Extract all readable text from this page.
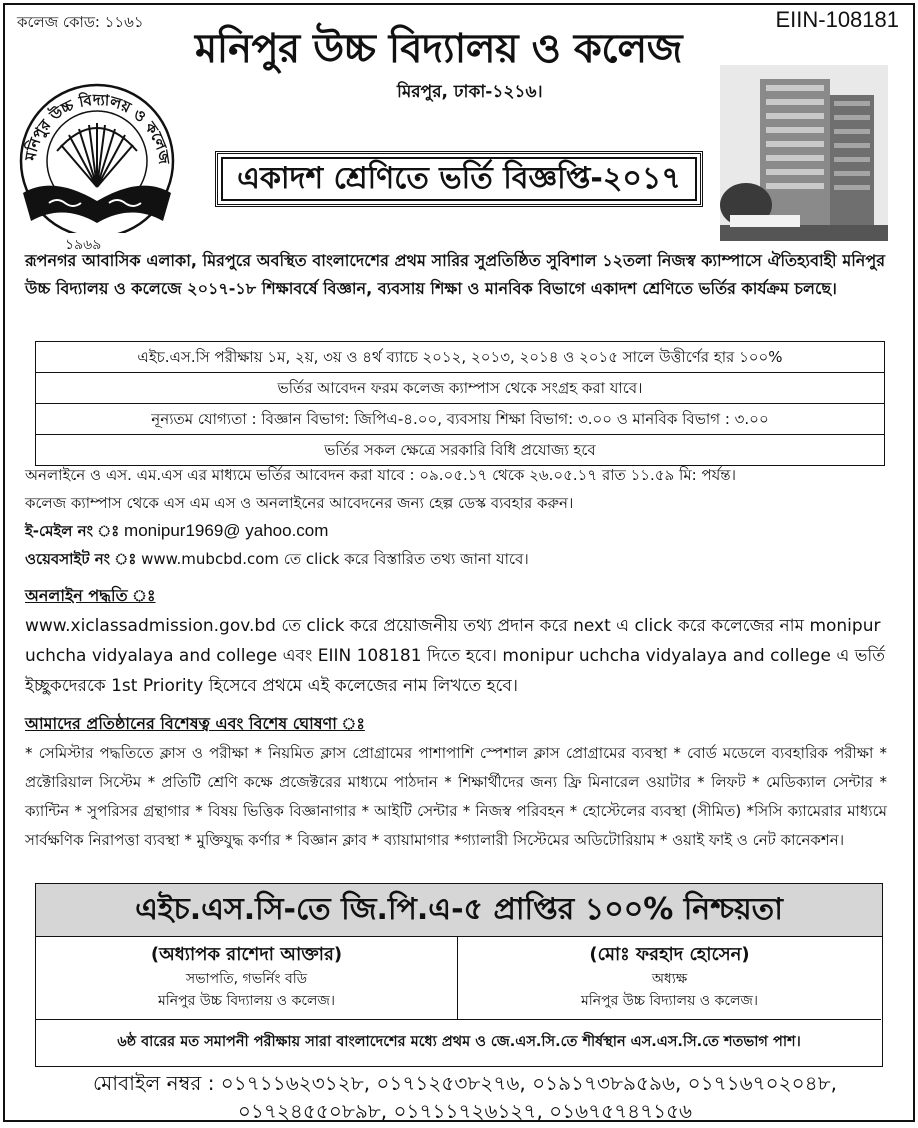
কলেজ কোড: ১১৬১	EIIN-108181
মনিপুর উচ্চ বিদ্যালয় ও কলেজ
মিরপুর, ঢাকা-১২১৬।
মনিপুর উচ্চ বিদ্যালয় ও কলেজ
১৯৬৯
একাদশ শ্রেণিতে ভর্তি বিজ্ঞপ্তি-২০১৭
রূপনগর আবাসিক এলাকা, মিরপুরে অবস্থিত বাংলাদেশের প্রথম সারির সুপ্রতিষ্ঠিত সুবিশাল ১২তলা নিজস্ব ক্যাম্পাসে ঐতিহ্যবাহী মনিপুর উচ্চ বিদ্যালয় ও কলেজে ২০১৭-১৮ শিক্ষাবর্ষে বিজ্ঞান, ব্যবসায় শিক্ষা ও মানবিক বিভাগে একাদশ শ্রেণিতে ভর্তির কার্যক্রম চলছে।
এইচ.এস.সি পরীক্ষায় ১ম, ২য়, ৩য় ও ৪র্থ ব্যাচে ২০১২, ২০১৩, ২০১৪ ও ২০১৫ সালে উত্তীর্ণের হার ১০০%
ভর্তির আবেদন ফরম কলেজ ক্যাম্পাস থেকে সংগ্রহ করা যাবে।
নূন্যতম যোগ্যতা : বিজ্ঞান বিভাগ: জিপিএ-৪.০০, ব্যবসায় শিক্ষা বিভাগ: ৩.০০ ও মানবিক বিভাগ : ৩.০০
ভর্তির সকল ক্ষেত্রে সরকারি বিধি প্রযোজ্য হবে
অনলাইনে ও এস. এম.এস এর মাধ্যমে ভর্তির আবেদন করা যাবে : ০৯.০৫.১৭ থেকে ২৬.০৫.১৭ রাত ১১.৫৯ মি: পর্যন্ত।
কলেজ ক্যাম্পাস থেকে এস এম এস ও অনলাইনের আবেদনের জন্য হেল্প ডেস্ক ব্যবহার করুন।
ই-মেইল নং ঃ monipur1969@ yahoo.com
ওয়েবসাইট নং ঃ www.mubcbd.com তে click করে বিস্তারিত তথ্য জানা যাবে।
অনলাইন পদ্ধতি ঃ
www.xiclassadmission.gov.bd তে click করে প্রয়োজনীয় তথ্য প্রদান করে next এ click করে কলেজের নাম monipur uchcha vidyalaya and college এবং EIIN 108181 দিতে হবে। monipur uchcha vidyalaya and college এ ভর্তি ইচ্ছুকদেরকে 1st Priority হিসেবে প্রথমে এই কলেজের নাম লিখতে হবে।
আমাদের প্রতিষ্ঠানের বিশেষত্ব এবং বিশেষ ঘোষণা ঃ
* সেমিস্টার পদ্ধতিতে ক্লাস ও পরীক্ষা * নিয়মিত ক্লাস প্রোগ্রামের পাশাপাশি স্পেশাল ক্লাস প্রোগ্রামের ব্যবস্থা * বোর্ড মডেলে ব্যবহারিক পরীক্ষা * প্রক্টোরিয়াল সিস্টেম * প্রতিটি শ্রেণি কক্ষে প্রজেক্টরের মাধ্যমে পাঠদান * শিক্ষার্থীদের জন্য ফ্রি মিনারেল ওয়াটার * লিফট * মেডিক্যাল সেন্টার * ক্যান্টিন * সুপরিসর গ্রন্থাগার * বিষয় ভিত্তিক বিজ্ঞানাগার * আইটি সেন্টার * নিজস্ব পরিবহন * হোস্টেলের ব্যবস্থা (সীমিত) *সিসি ক্যামেরার মাধ্যমে সার্বক্ষণিক নিরাপত্তা ব্যবস্থা * মুক্তিযুদ্ধ কর্ণার * বিজ্ঞান ক্লাব * ব্যায়ামাগার *গ্যালারী সিস্টেমের অডিটোরিয়াম * ওয়াই ফাই ও নেট কানেকশন।
এইচ.এস.সি-তে জি.পি.এ-৫ প্রাপ্তির ১০০% নিশ্চয়তা
(অধ্যাপক রাশেদা আক্তার)
সভাপতি, গভর্নিং বডি
মনিপুর উচ্চ বিদ্যালয় ও কলেজ।
(মোঃ ফরহাদ হোসেন)
অধ্যক্ষ
মনিপুর উচ্চ বিদ্যালয় ও কলেজ।
৬ষ্ঠ বারের মত সমাপনী পরীক্ষায় সারা বাংলাদেশের মধ্যে প্রথম ও জে.এস.সি.তে শীর্ষস্থান এস.এস.সি.তে শতভাগ পাশ।
মোবাইল নম্বর : ০১৭১১৬২৩১২৮, ০১৭১২৫৩৮২৭৬, ০১৯১৭৩৮৯৫৯৬, ০১৭১৬৭০২০৪৮,
০১৭২৪৫৫০৮৯৮, ০১৭১১৭২৬১২৭, ০১৬৭৫৭৪৭১৫৬
